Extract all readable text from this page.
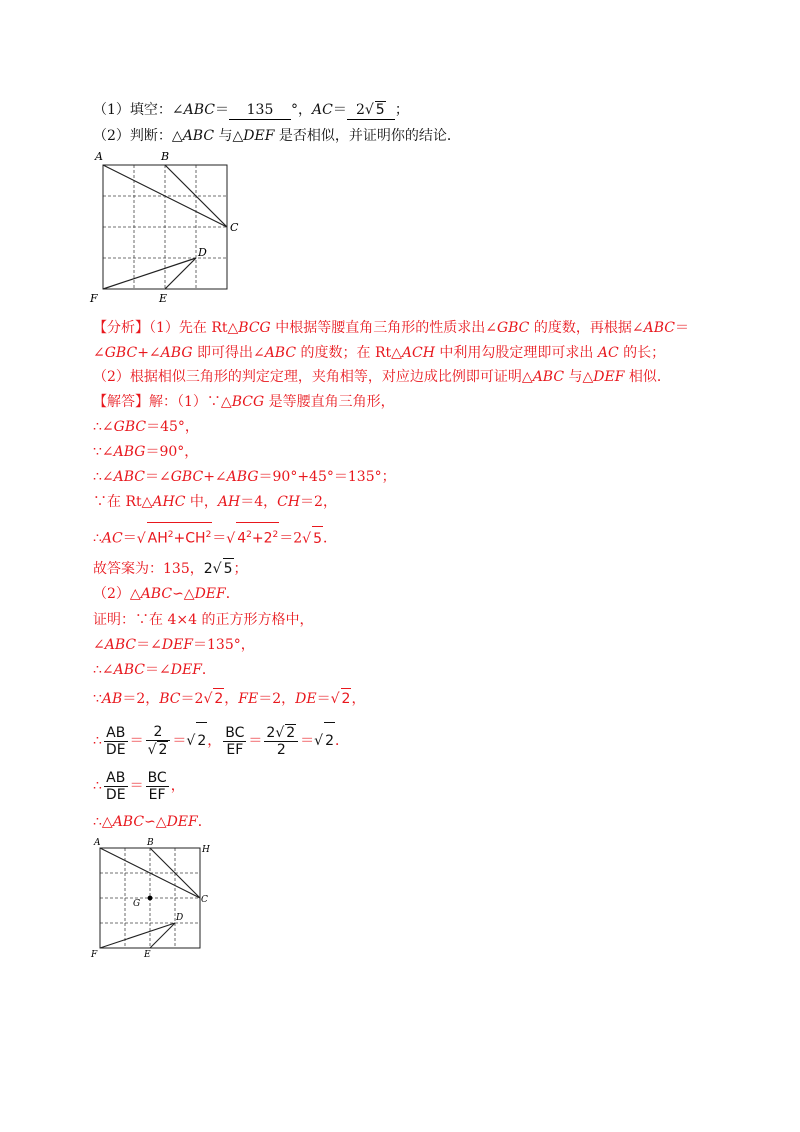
（1）填空：∠ABC＝ 135 °，AC＝ 2√ 5 ；
（2）判断：△ABC 与△DEF 是否相似，并证明你的结论．
A	B
C
D
E
F
【分析】（1）先在 Rt△BCG 中根据等腰直角三角形的性质求出∠GBC 的度数，再根据∠ABC＝
∠GBC+∠ABG 即可得出∠ABC 的度数；在 Rt△ACH 中利用勾股定理即可求出 AC 的长；
（2）根据相似三角形的判定定理，夹角相等，对应边成比例即可证明△ABC 与△DEF 相似．
【解答】解：（1）∵△BCG 是等腰直角三角形，
∴∠GBC＝45°，
∵∠ABG＝90°，
∴∠ABC＝∠GBC+∠ABG＝90°+45°＝135°；
∵在 Rt△AHC 中，AH＝4，CH＝2，
∴AC＝√ $AH^2+CH^2=√$ $4^2+2^2=2√$ 5．
故答案为：135，2√ 5；
（2）△ABC∽△DEF．
证明：∵在 4×4 的正方形方格中，
∠ABC＝∠DEF＝135°，
∴∠ABC＝∠DEF．
∵AB＝2，BC＝2√ 2，FE＝2，DE＝√ 2，
∴ $\frac{AB}{DE} = \frac{2}{√ 2}$ ＝√ 2， $\frac{BC}{EF} = \frac{2√ 2}{2}$ ＝√ 2．
∴ $\frac{AB}{DE} = \frac{BC}{EF}$ ，
∴△ABC∽△DEF．
A	B
C
D
E
F
G
H
